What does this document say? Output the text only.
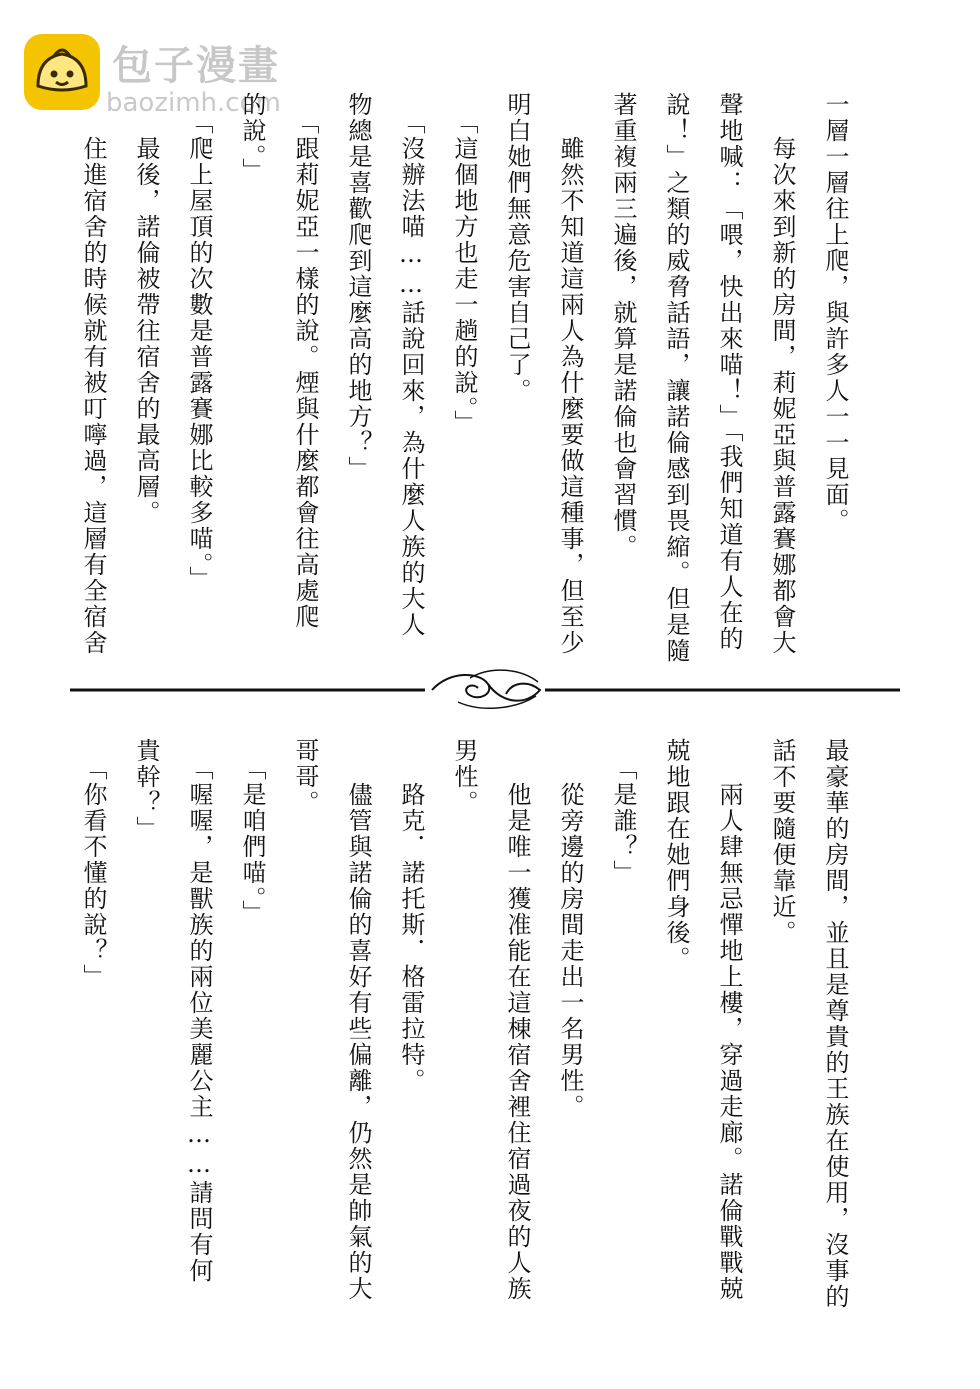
包子漫畫
baozimh.com	一層一層往上爬，與許多人一一見面。
　每次來到新的房間，莉妮亞與普露賽娜都會大
聲地喊：「喂，快出來喵！」「我們知道有人在的
說！」之類的威脅話語，讓諾倫感到畏縮。但是隨
著重複兩三遍後，就算是諾倫也會習慣。
　雖然不知道這兩人為什麼要做這種事，但至少
明白她們無意危害自己了。
「這個地方也走一趟的說。」
「沒辦法喵……話說回來，為什麼人族的大人
物總是喜歡爬到這麼高的地方？」
「跟莉妮亞一樣的說。煙與什麼都會往高處爬
的說。」
「爬上屋頂的次數是普露賽娜比較多喵。」
　最後，諾倫被帶往宿舍的最高層。
　住進宿舍的時候就有被叮嚀過，這層有全宿舍
最豪華的房間，並且是尊貴的王族在使用，沒事的
話不要隨便靠近。
　兩人肆無忌憚地上樓，穿過走廊。諾倫戰戰兢
兢地跟在她們身後。
「是誰？」
　從旁邊的房間走出一名男性。
　他是唯一獲准能在這棟宿舍裡住宿過夜的人族
男性。
　路克．諾托斯．格雷拉特。
　儘管與諾倫的喜好有些偏離，仍然是帥氣的大
哥哥。
「是咱們喵。」
「喔喔，是獸族的兩位美麗公主……請問有何
貴幹？」
「你看不懂的說？」
